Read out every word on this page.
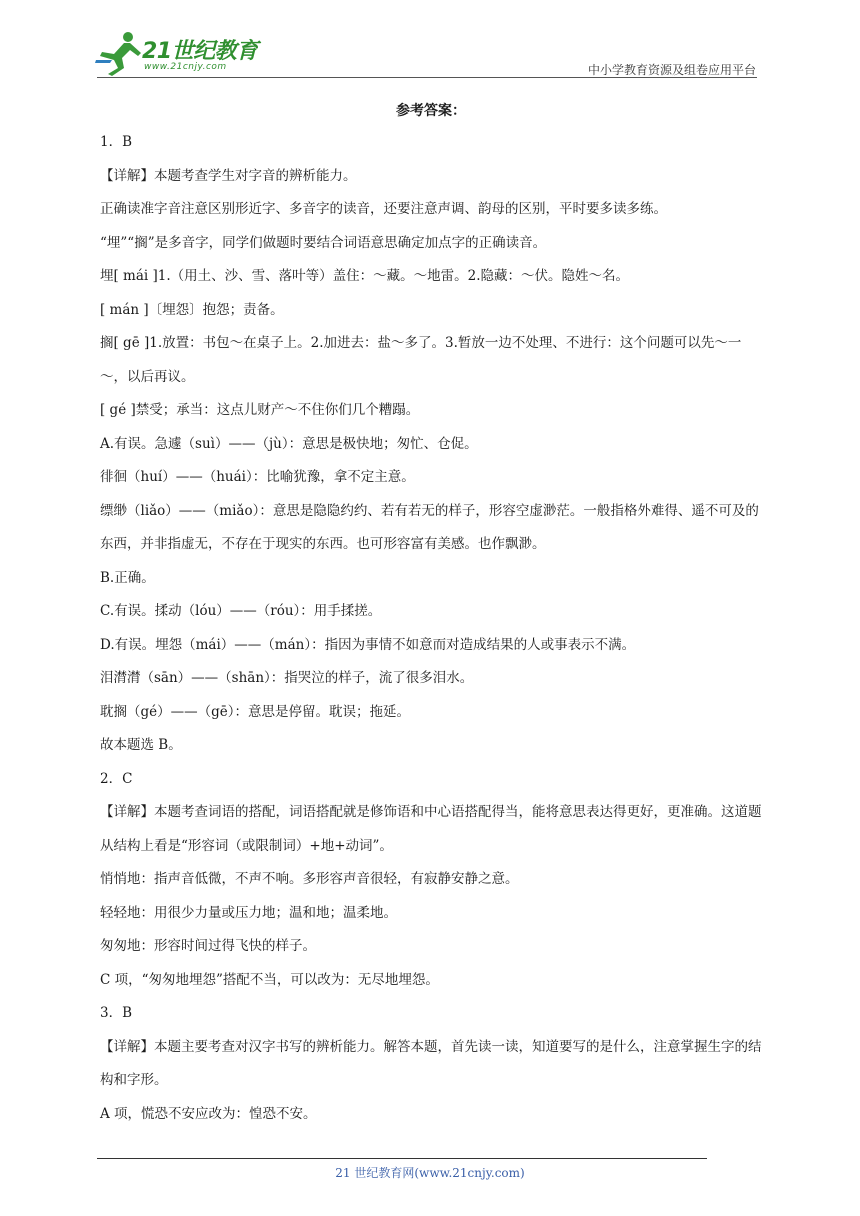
21世纪教育
www.21cnjy.com	中小学教育资源及组卷应用平台
参考答案：
1．B
【详解】本题考查学生对字音的辨析能力。
正确读准字音注意区别形近字、多音字的读音，还要注意声调、韵母的区别，平时要多读多练。
“埋”“搁”是多音字，同学们做题时要结合词语意思确定加点字的正确读音。
埋[ mái ]1.（用土、沙、雪、落叶等）盖住：～藏。～地雷。2.隐藏：～伏。隐姓～名。
[ mán ]〔埋怨〕抱怨；责备。
搁[ gē ]1.放置：书包～在桌子上。2.加进去：盐～多了。3.暂放一边不处理、不进行：这个问题可以先～一～，以后再议。
[ gé ]禁受；承当：这点儿财产～不住你们几个糟蹋。
A.有误。急遽（suì）——（jù）：意思是极快地；匆忙、仓促。
徘徊（huí）——（huái）：比喻犹豫，拿不定主意。
缥缈（liǎo）——（miǎo）：意思是隐隐约约、若有若无的样子，形容空虚渺茫。一般指格外难得、遥不可及的东西，并非指虚无，不存在于现实的东西。也可形容富有美感。也作飘渺。
B.正确。
C.有误。揉动（lóu）——（róu）：用手揉搓。
D.有误。埋怨（mái）——（mán）：指因为事情不如意而对造成结果的人或事表示不满。
泪潸潸（sān）——（shān）：指哭泣的样子，流了很多泪水。
耽搁（gé）——（gē）：意思是停留。耽误；拖延。
故本题选 B。
2．C
【详解】本题考查词语的搭配，词语搭配就是修饰语和中心语搭配得当，能将意思表达得更好，更准确。这道题从结构上看是“形容词（或限制词）+地+动词”。
悄悄地：指声音低微，不声不响。多形容声音很轻，有寂静安静之意。
轻轻地：用很少力量或压力地；温和地；温柔地。
匆匆地：形容时间过得飞快的样子。
C 项，“匆匆地埋怨”搭配不当，可以改为：无尽地埋怨。
3．B
【详解】本题主要考查对汉字书写的辨析能力。解答本题，首先读一读，知道要写的是什么，注意掌握生字的结构和字形。
A 项，慌恐不安应改为：惶恐不安。
21 世纪教育网(www.21cnjy.com)
